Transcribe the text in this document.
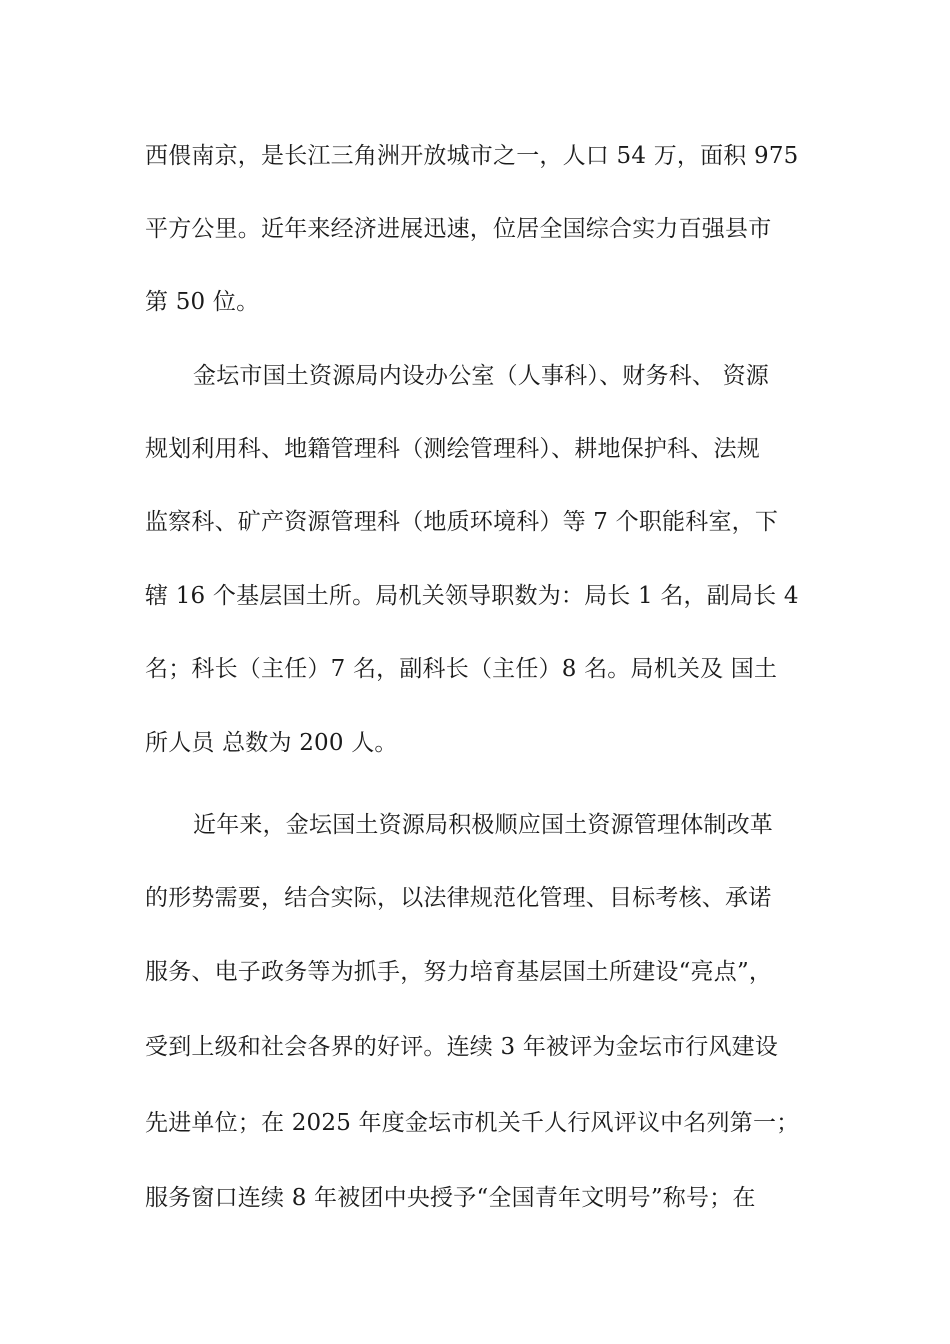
西偎南京，是长江三角洲开放城市之一，人口 54 万，面积 975
平方公里。近年来经济进展迅速，位居全国综合实力百强县市
第 50 位。
金坛市国土资源局内设办公室（人事科）、财务科、 资源
规划利用科、地籍管理科（测绘管理科）、耕地保护科、法规
监察科、矿产资源管理科（地质环境科）等 7 个职能科室，下
辖 16 个基层国土所。局机关领导职数为：局长 1 名，副局长 4
名；科长（主任）7 名，副科长（主任）8 名。局机关及 国土
所人员 总数为 200 人。
近年来，金坛国土资源局积极顺应国土资源管理体制改革
的形势需要，结合实际，以法律规范化管理、目标考核、承诺
服务、电子政务等为抓手，努力培育基层国土所建设“亮点”，
受到上级和社会各界的好评。连续 3 年被评为金坛市行风建设
先进单位；在 2025 年度金坛市机关千人行风评议中名列第一；
服务窗口连续 8 年被团中央授予“全国青年文明号”称号；在
